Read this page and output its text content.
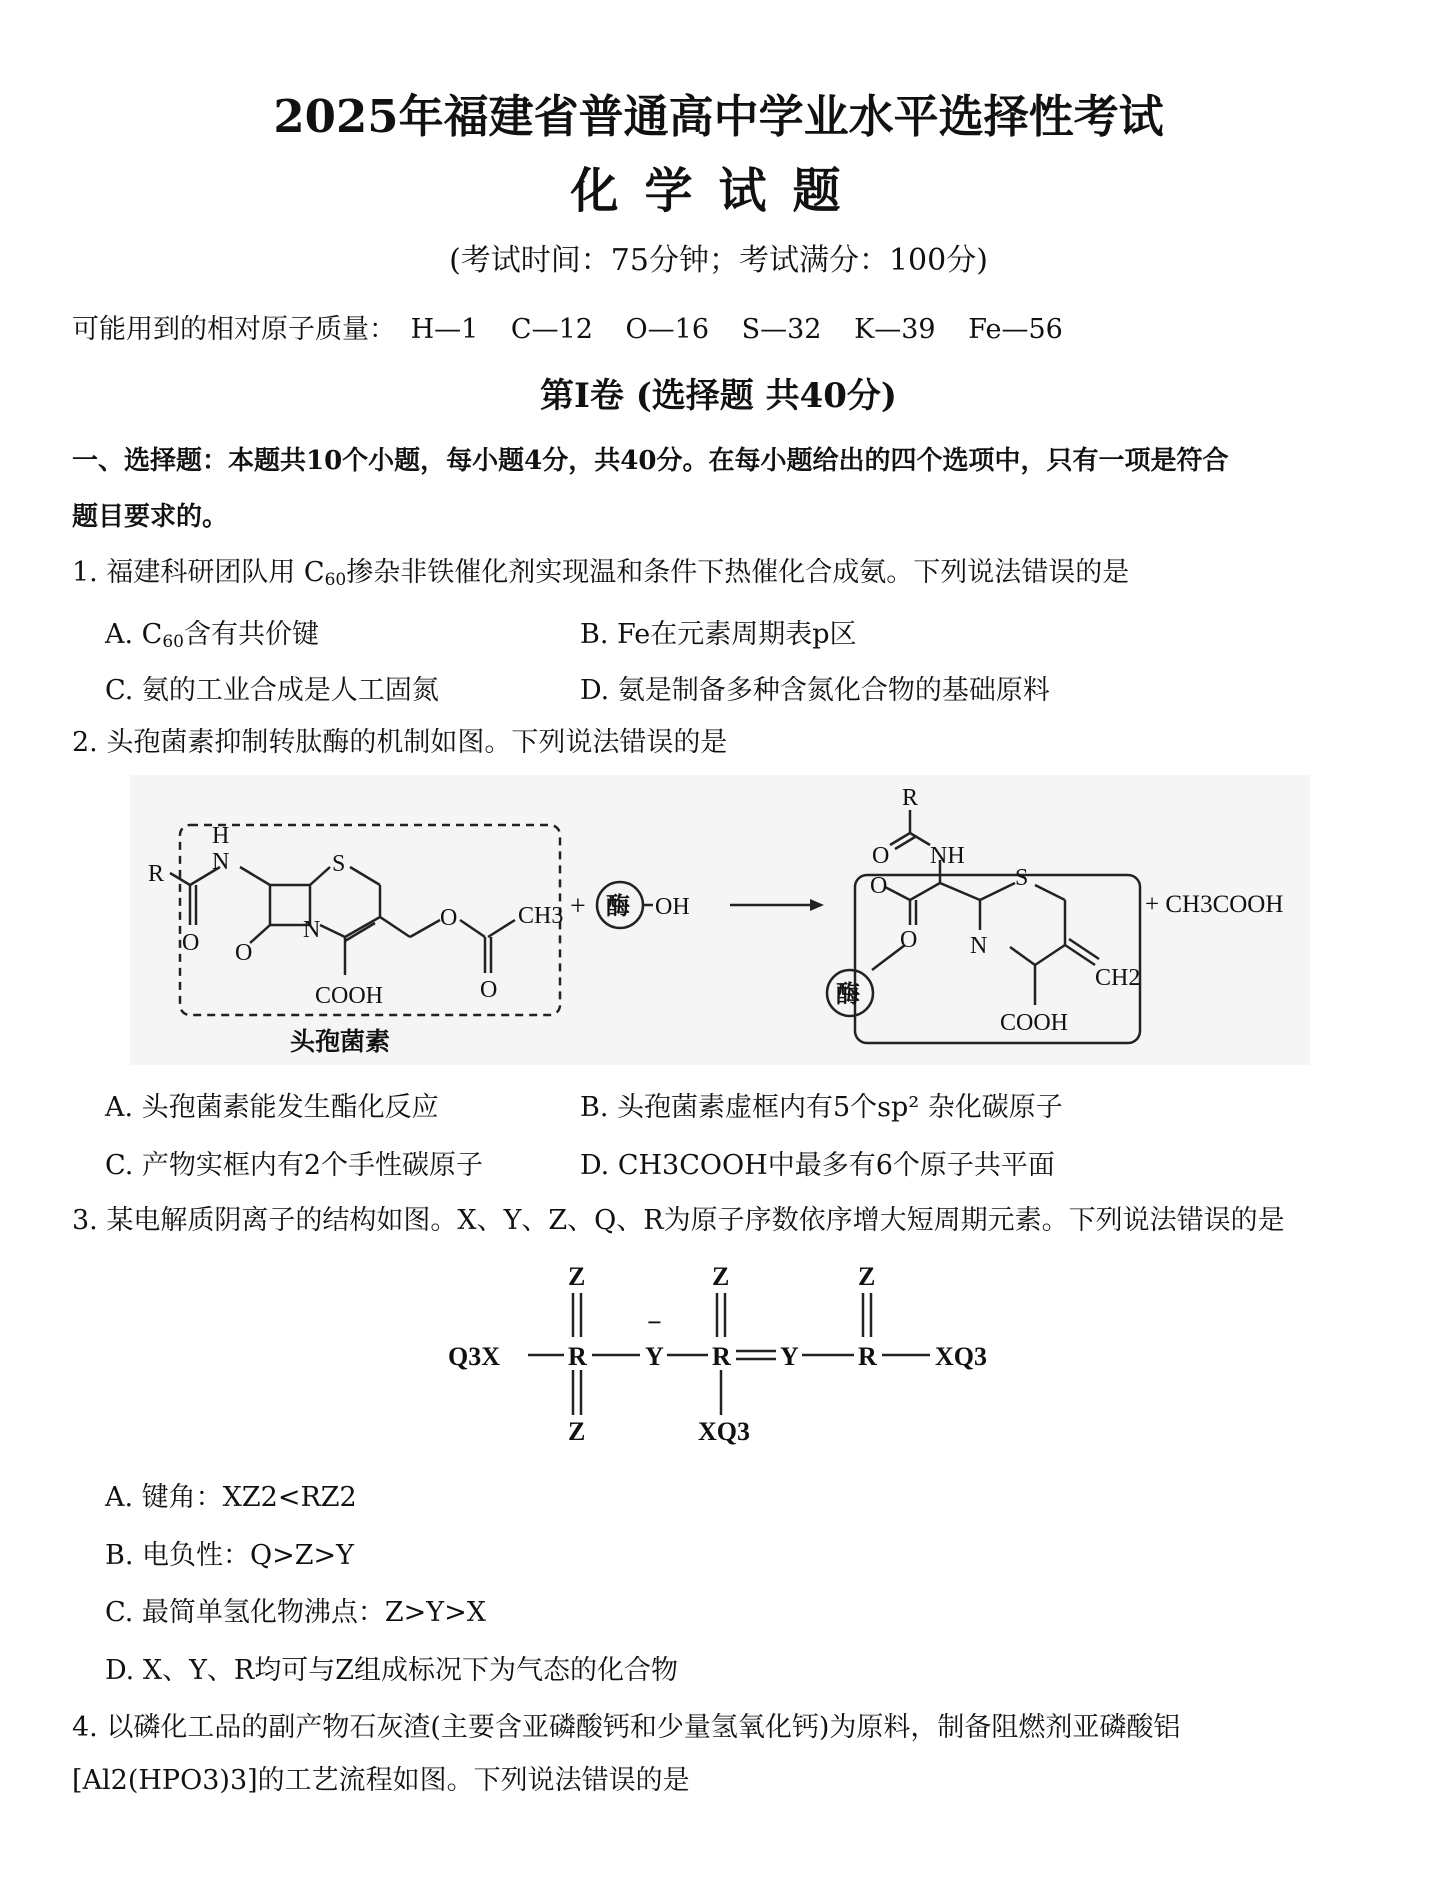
2025年福建省普通高中学业水平选择性考试
化学试题
(考试时间：75分钟；考试满分：100分)
可能用到的相对原子质量： H—1 C—12 O—16 S—32 K—39 Fe—56
第Ⅰ卷 (选择题 共40分)
一、选择题：本题共10个小题，每小题4分，共40分。在每小题给出的四个选项中，只有一项是符合
题目要求的。
1. 福建科研团队用 $C_{60}$掺杂非铁催化剂实现温和条件下热催化合成氨。下列说法错误的是
A. $C_{60}$含有共价键	B. Fe在元素周期表p区
C. 氨的工业合成是人工固氮	D. 氨是制备多种含氮化合物的基础原料
2. 头孢菌素抑制转肽酶的机制如图。下列说法错误的是
R
H
N
O O
N
S
COOH
O
O
CH3
头孢菌素
+ 酶 OH
R
O NH
O
O
S
N
CH2
COOH
酶
+ CH3COOH
A. 头孢菌素能发生酯化反应	B. 头孢菌素虚框内有5个sp² 杂化碳原子
C. 产物实框内有2个手性碳原子	D. CH3COOH中最多有6个原子共平面
3. 某电解质阴离子的结构如图。X、Y、Z、Q、R为原子序数依序增大短周期元素。下列说法错误的是
Q3X	R
Z
Z
Y
−
R
Z
XQ3
Y R
Z
XQ3
A. 键角：XZ2<RZ2
B. 电负性：Q>Z>Y
C. 最简单氢化物沸点：Z>Y>X
D. X、Y、R均可与Z组成标况下为气态的化合物
4. 以磷化工品的副产物石灰渣(主要含亚磷酸钙和少量氢氧化钙)为原料，制备阻燃剂亚磷酸铝
[Al2(HPO3)3]的工艺流程如图。下列说法错误的是
